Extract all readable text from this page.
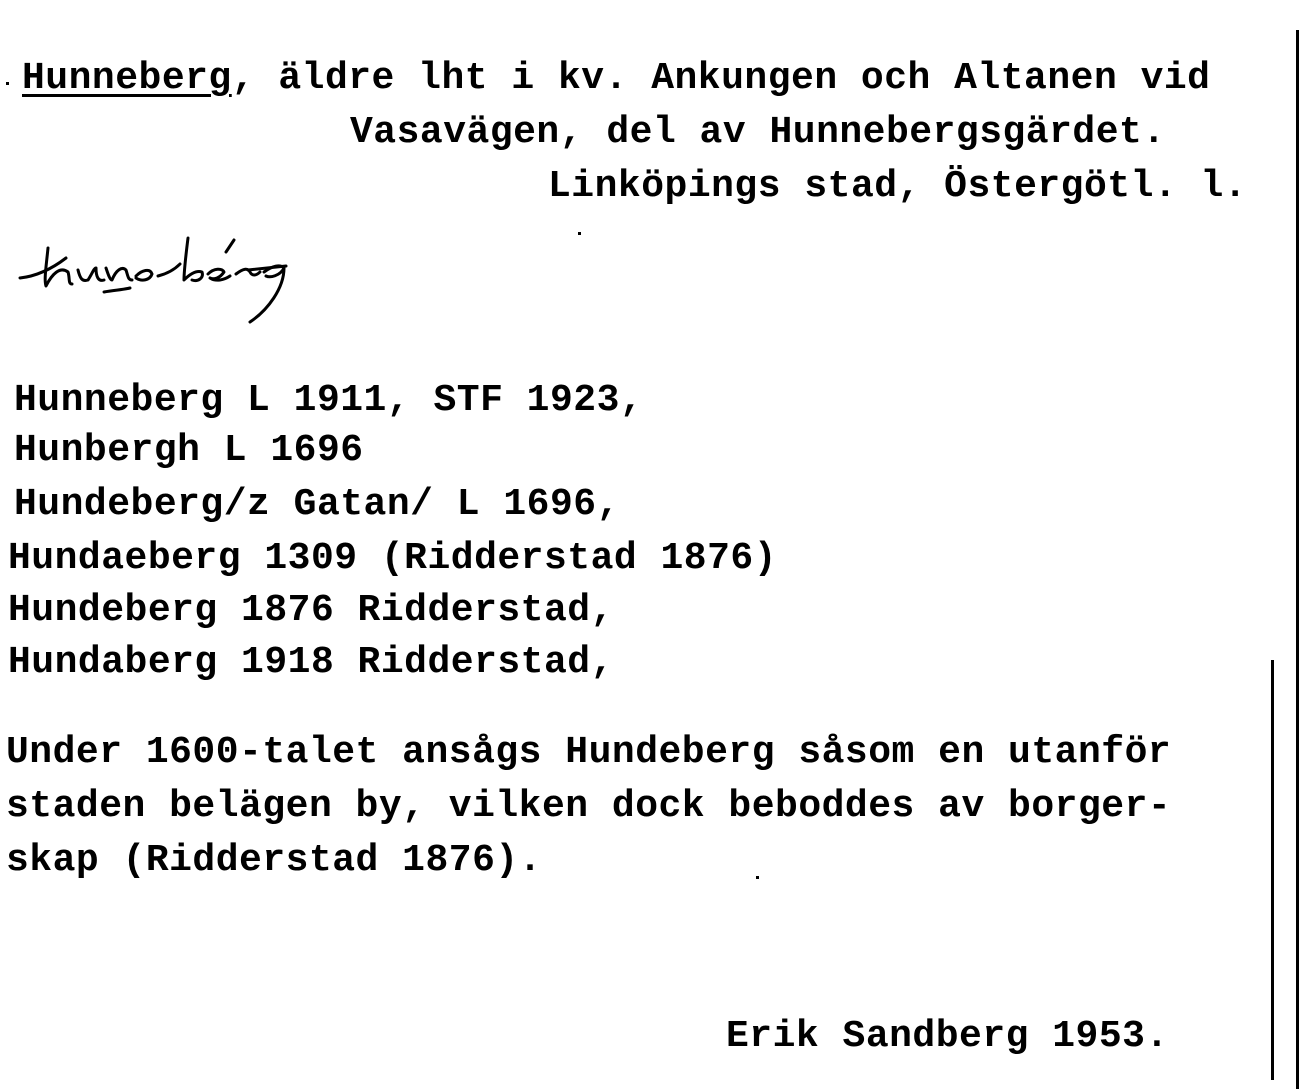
Hunneberg, äldre lht i kv. Ankungen och Altanen vid
Vasavägen, del av Hunnebergsgärdet.
Linköpings stad, Östergötl. l.
Hunneberg L 1911, STF 1923,
Hunbergh L 1696
Hundeberg/z Gatan/ L 1696,
Hundaeberg 1309 (Ridderstad 1876)
Hundeberg 1876 Ridderstad,
Hundaberg 1918 Ridderstad,
Under 1600-talet ansågs Hundeberg såsom en utanför
staden belägen by, vilken dock beboddes av borger-
skap (Ridderstad 1876).
Erik Sandberg 1953.
